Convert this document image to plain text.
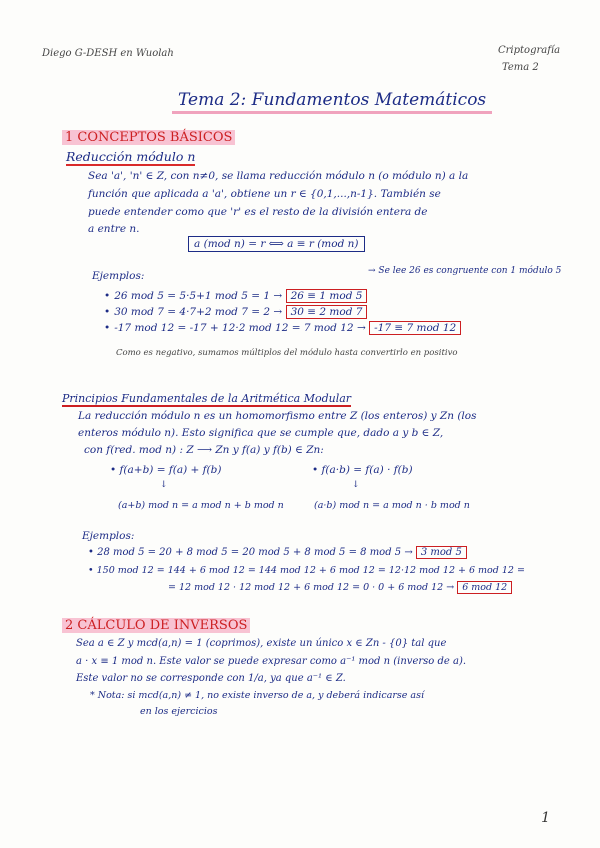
Diego G-DESH en Wuolah	Criptografía
Tema 2
Tema 2: Fundamentos Matemáticos
1 CONCEPTOS BÁSICOS
Reducción módulo n
Sea 'a', 'n' ∈ Z, con n≠0, se llama reducción módulo n (o módulo n) a la
función que aplicada a 'a', obtiene un r ∈ {0,1,...,n-1}. También se
puede entender como que 'r' es el resto de la división entera de
a entre n.
a (mod n) = r ⟺ a ≡ r (mod n)
Ejemplos:	→ Se lee 26 es congruente con 1 módulo 5
• 26 mod 5 = 5·5+1 mod 5 = 1 → 26 ≡ 1 mod 5
• 30 mod 7 = 4·7+2 mod 7 = 2 → 30 ≡ 2 mod 7
• -17 mod 12 = -17 + 12·2 mod 12 = 7 mod 12 → -17 ≡ 7 mod 12
Como es negativo, sumamos múltiplos del módulo hasta convertirlo en positivo
Principios Fundamentales de la Aritmética Modular
La reducción módulo n es un homomorfismo entre Z (los enteros) y Zn (los
enteros módulo n). Esto significa que se cumple que, dado a y b ∈ Z,
con f(red. mod n) : Z ⟶ Zn y f(a) y f(b) ∈ Zn:
• f(a+b) = f(a) + f(b)	• f(a·b) = f(a) · f(b)
↓	↓
(a+b) mod n = a mod n + b mod n	(a·b) mod n = a mod n · b mod n
Ejemplos:
• 28 mod 5 = 20 + 8 mod 5 = 20 mod 5 + 8 mod 5 = 8 mod 5 → 3 mod 5
• 150 mod 12 = 144 + 6 mod 12 = 144 mod 12 + 6 mod 12 = 12·12 mod 12 + 6 mod 12 =
= 12 mod 12 · 12 mod 12 + 6 mod 12 = 0 · 0 + 6 mod 12 → 6 mod 12
2 CÁLCULO DE INVERSOS
Sea a ∈ Z y mcd(a,n) = 1 (coprimos), existe un único x ∈ Zn - {0} tal que
a · x ≡ 1 mod n. Este valor se puede expresar como a⁻¹ mod n (inverso de a).
Este valor no se corresponde con 1/a, ya que a⁻¹ ∈ Z.
* Nota: si mcd(a,n) ≠ 1, no existe inverso de a, y deberá indicarse así
en los ejercicios
1
